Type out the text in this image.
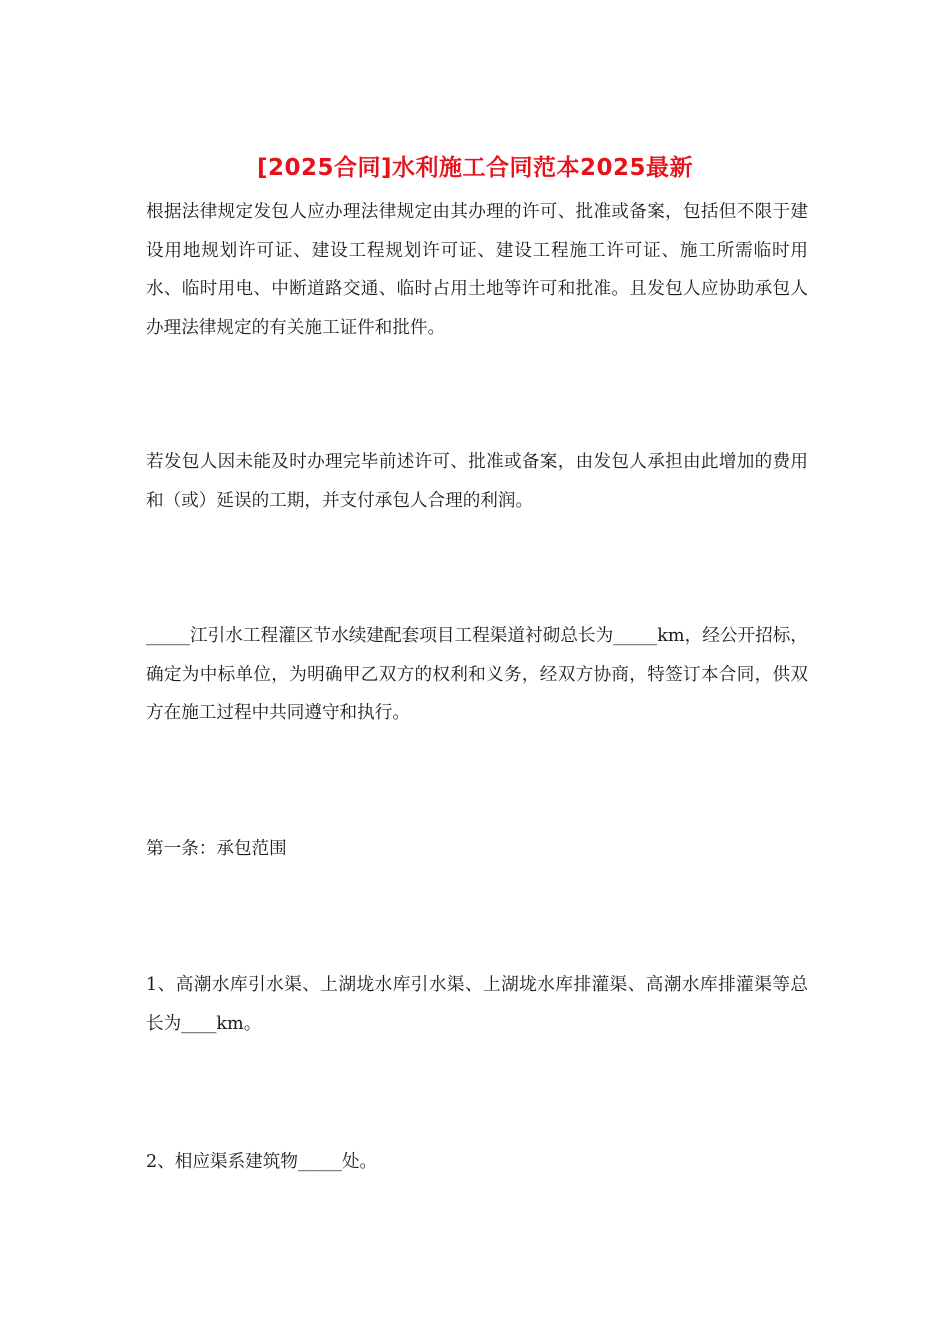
[2025合同]水利施工合同范本2025最新

根据法律规定发包人应办理法律规定由其办理的许可、批准或备案，包括但不限于建设用地规划许可证、建设工程规划许可证、建设工程施工许可证、施工所需临时用水、临时用电、中断道路交通、临时占用土地等许可和批准。且发包人应协助承包人办理法律规定的有关施工证件和批件。

若发包人因未能及时办理完毕前述许可、批准或备案，由发包人承担由此增加的费用和（或）延误的工期，并支付承包人合理的利润。

_____江引水工程灌区节水续建配套项目工程渠道衬砌总长为_____km，经公开招标，确定为中标单位，为明确甲乙双方的权利和义务，经双方协商，特签订本合同，供双方在施工过程中共同遵守和执行。

第一条：承包范围

1、高潮水库引水渠、上湖垅水库引水渠、上湖垅水库排灌渠、高潮水库排灌渠等总长为____km。

2、相应渠系建筑物_____处。
